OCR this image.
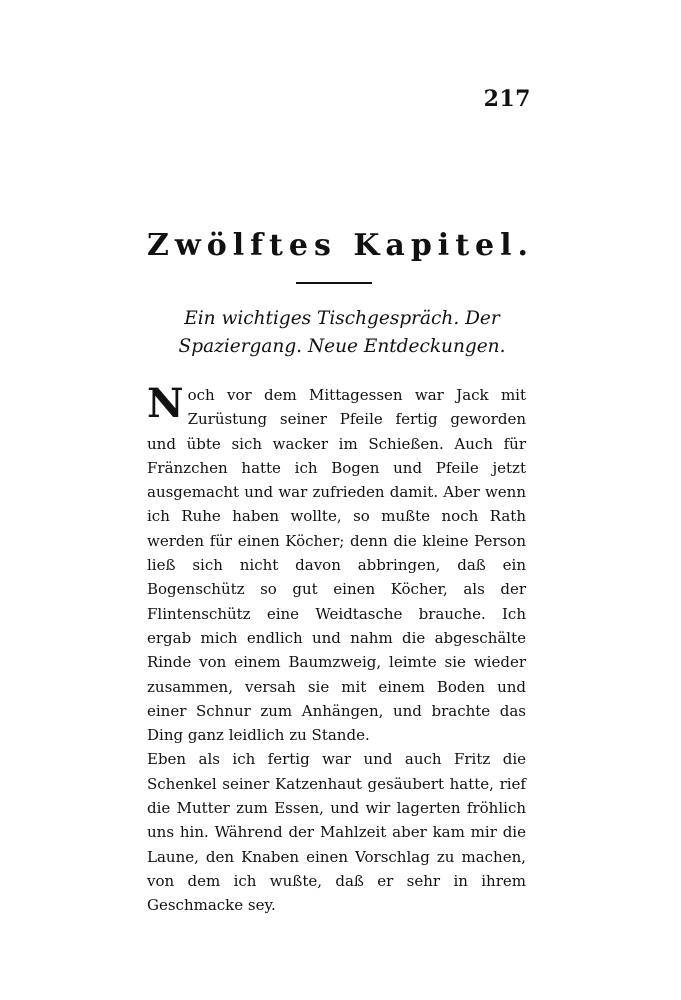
217
Zwölftes Kapitel.
Ein wichtiges Tischgespräch. Der Spaziergang. Neue Entdeckungen.

Noch vor dem Mittagessen war Jack mit Zurüstung seiner Pfeile fertig geworden und übte sich wacker im Schießen. Auch für Fränzchen hatte ich Bogen und Pfeile jetzt ausgemacht und war zufrieden damit. Aber wenn ich Ruhe haben wollte, so mußte noch Rath werden für einen Köcher; denn die kleine Person ließ sich nicht davon abbringen, daß ein Bogenschütz so gut einen Köcher, als der Flintenschütz eine Weidtasche brauche. Ich ergab mich endlich und nahm die abgeschälte Rinde von einem Baumzweig, leimte sie wieder zusammen, versah sie mit einem Boden und einer Schnur zum Anhängen, und brachte das Ding ganz leidlich zu Stande.

Eben als ich fertig war und auch Fritz die Schenkel seiner Katzenhaut gesäubert hatte, rief die Mutter zum Essen, und wir lagerten fröhlich uns hin. Während der Mahlzeit aber kam mir die Laune, den Knaben einen Vorschlag zu machen, von dem ich wußte, daß er sehr in ihrem Geschmacke sey.
